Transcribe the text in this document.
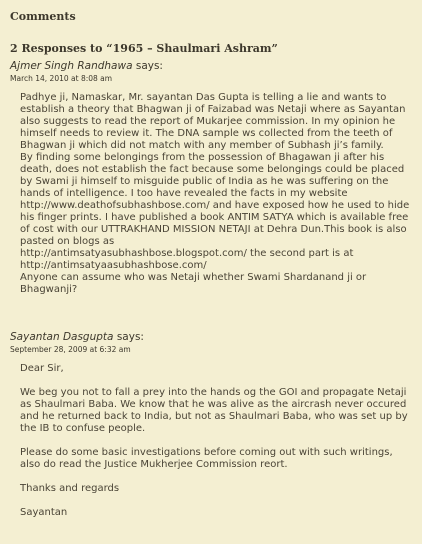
Comments
2 Responses to “1965 – Shaulmari Ashram”
Ajmer Singh Randhawa says:
March 14, 2010 at 8:08 am

Padhye ji, Namaskar, Mr. sayantan Das Gupta is telling a lie and wants to establish a theory that Bhagwan ji of Faizabad was Netaji where as Sayantan also suggests to read the report of Mukarjee commission. In my opinion he himself needs to review it. The DNA sample ws collected from the teeth of Bhagwan ji which did not match with any member of Subhash ji’s family.
By finding some belongings from the possession of Bhagawan ji after his death, does not establish the fact because some belongings could be placed by Swami ji himself to misguide public of India as he was suffering on the hands of intelligence. I too have revealed the facts in my website http://www.deathofsubhashbose.com/ and have exposed how he used to hide his finger prints. I have published a book ANTIM SATYA which is available free of cost with our UTTRAKHAND MISSION NETAJI at Dehra Dun.This book is also pasted on blogs as
http://antimsatyasubhashbose.blogspot.com/ the second part is at http://antimsatyaasubhashbose.com/
Anyone can assume who was Netaji whether Swami Shardanand ji or Bhagwanji?

Sayantan Dasgupta says:
September 28, 2009 at 6:32 am

Dear Sir,

We beg you not to fall a prey into the hands og the GOI and propagate Netaji as Shaulmari Baba. We know that he was alive as the aircrash never occured and he returned back to India, but not as Shaulmari Baba, who was set up by the IB to confuse people.

Please do some basic investigations before coming out with such writings, also do read the Justice Mukherjee Commission reort.

Thanks and regards

Sayantan
